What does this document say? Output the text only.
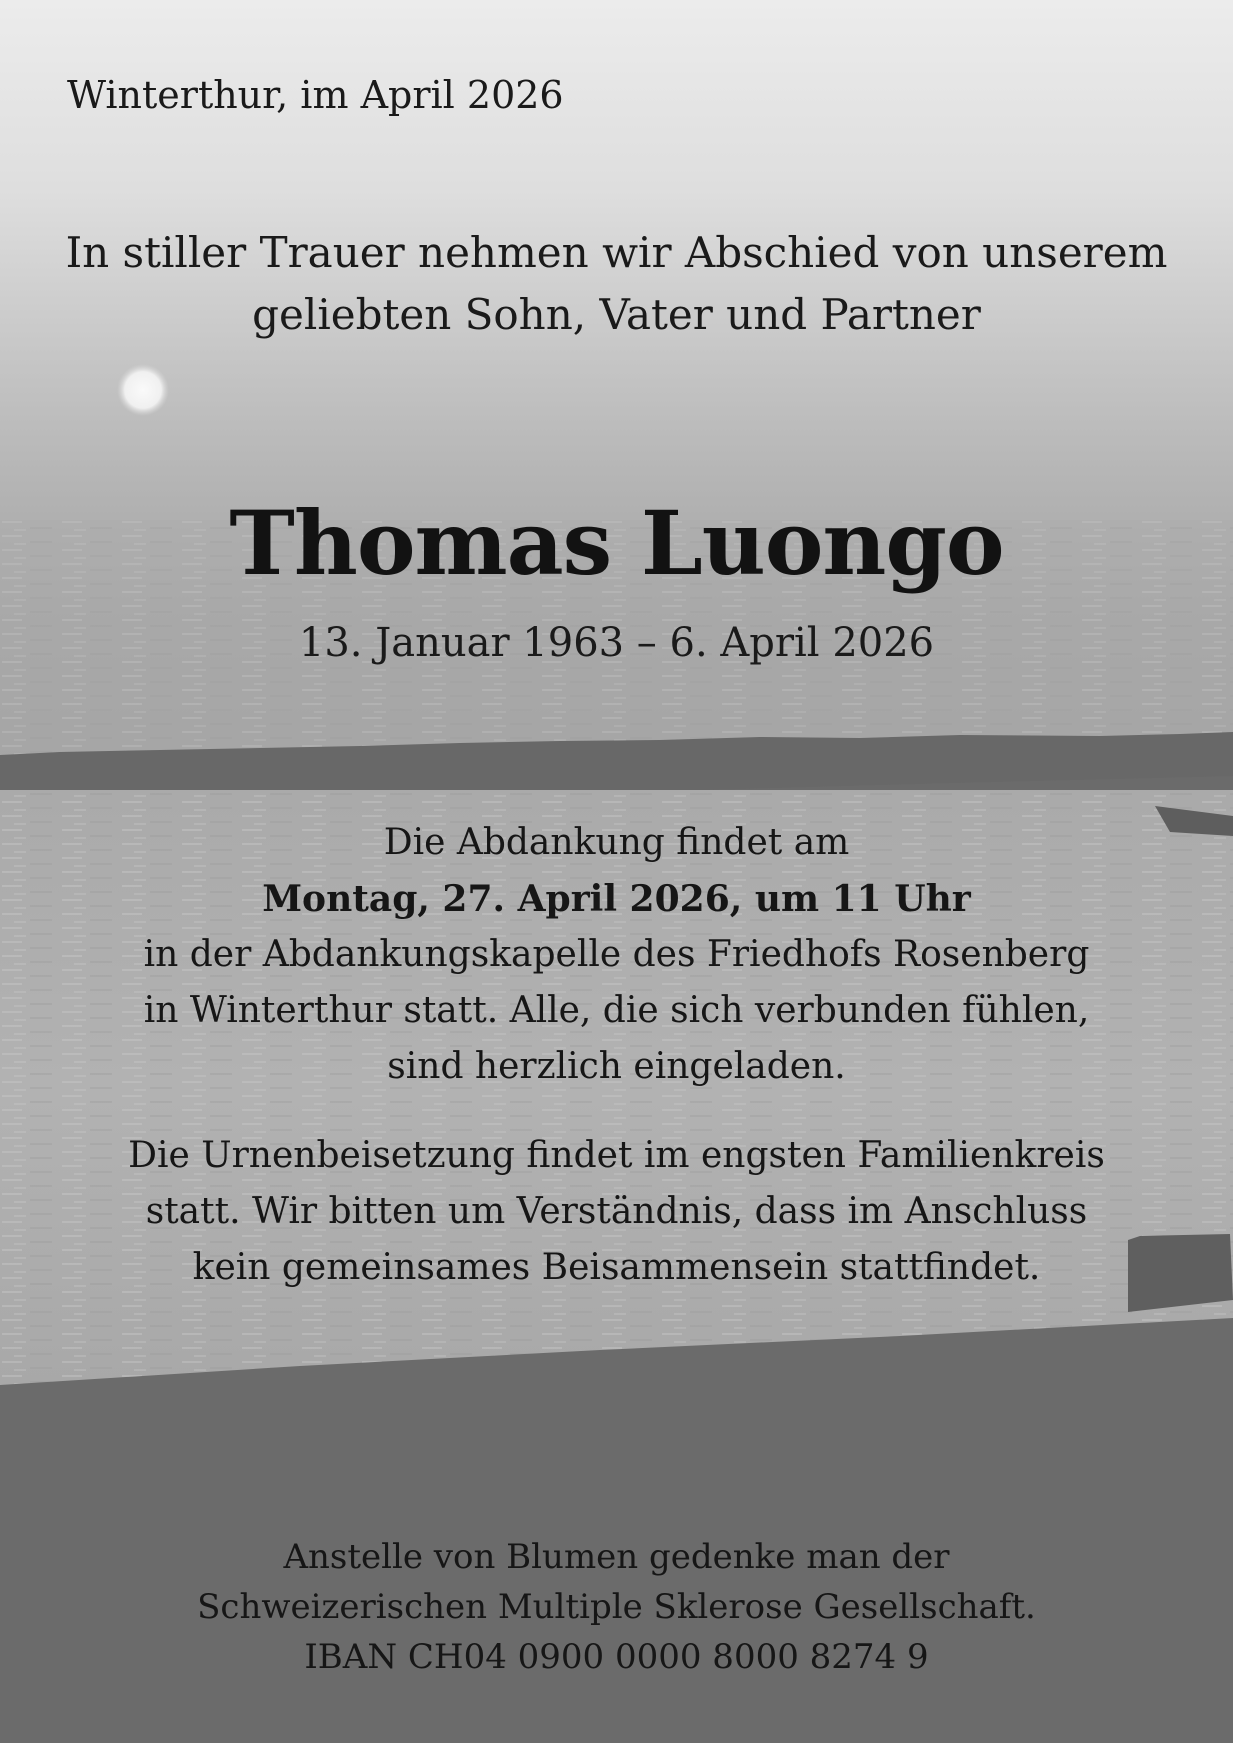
Winterthur, im April 2026

In stiller Trauer nehmen wir Abschied von unserem
geliebten Sohn, Vater und Partner

Thomas Luongo

13. Januar 1963 – 6. April 2026

Die Abdankung findet am
Montag, 27. April 2026, um 11 Uhr
in der Abdankungskapelle des Friedhofs Rosenberg
in Winterthur statt. Alle, die sich verbunden fühlen,
sind herzlich eingeladen.

Die Urnenbeisetzung findet im engsten Familienkreis
statt. Wir bitten um Verständnis, dass im Anschluss
kein gemeinsames Beisammensein stattfindet.

Anstelle von Blumen gedenke man der
Schweizerischen Multiple Sklerose Gesellschaft.
IBAN CH04 0900 0000 8000 8274 9
